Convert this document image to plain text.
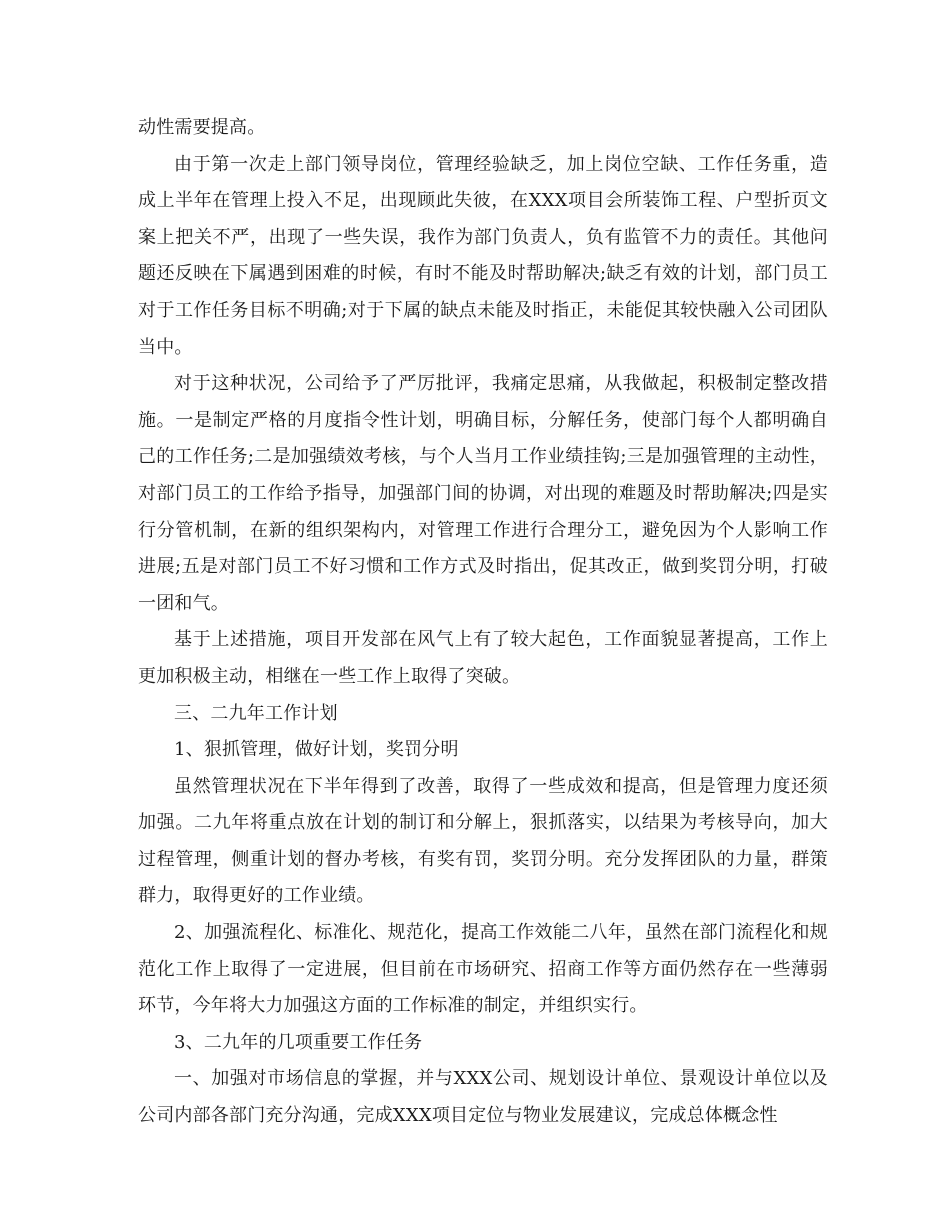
动性需要提高。

由于第一次走上部门领导岗位，管理经验缺乏，加上岗位空缺、工作任务重，造成上半年在管理上投入不足，出现顾此失彼，在XXX项目会所装饰工程、户型折页文案上把关不严，出现了一些失误，我作为部门负责人，负有监管不力的责任。其他问题还反映在下属遇到困难的时候，有时不能及时帮助解决;缺乏有效的计划，部门员工对于工作任务目标不明确;对于下属的缺点未能及时指正，未能促其较快融入公司团队当中。

对于这种状况，公司给予了严厉批评，我痛定思痛，从我做起，积极制定整改措施。一是制定严格的月度指令性计划，明确目标，分解任务，使部门每个人都明确自己的工作任务;二是加强绩效考核，与个人当月工作业绩挂钩;三是加强管理的主动性，对部门员工的工作给予指导，加强部门间的协调，对出现的难题及时帮助解决;四是实行分管机制，在新的组织架构内，对管理工作进行合理分工，避免因为个人影响工作进展;五是对部门员工不好习惯和工作方式及时指出，促其改正，做到奖罚分明，打破一团和气。

基于上述措施，项目开发部在风气上有了较大起色，工作面貌显著提高，工作上更加积极主动，相继在一些工作上取得了突破。

三、二九年工作计划

1、狠抓管理，做好计划，奖罚分明

虽然管理状况在下半年得到了改善，取得了一些成效和提高，但是管理力度还须加强。二九年将重点放在计划的制订和分解上，狠抓落实，以结果为考核导向，加大过程管理，侧重计划的督办考核，有奖有罚，奖罚分明。充分发挥团队的力量，群策群力，取得更好的工作业绩。

2、加强流程化、标准化、规范化，提高工作效能二八年，虽然在部门流程化和规范化工作上取得了一定进展，但目前在市场研究、招商工作等方面仍然存在一些薄弱环节，今年将大力加强这方面的工作标准的制定，并组织实行。

3、二九年的几项重要工作任务

一、加强对市场信息的掌握，并与XXX公司、规划设计单位、景观设计单位以及公司内部各部门充分沟通，完成XXX项目定位与物业发展建议，完成总体概念性
